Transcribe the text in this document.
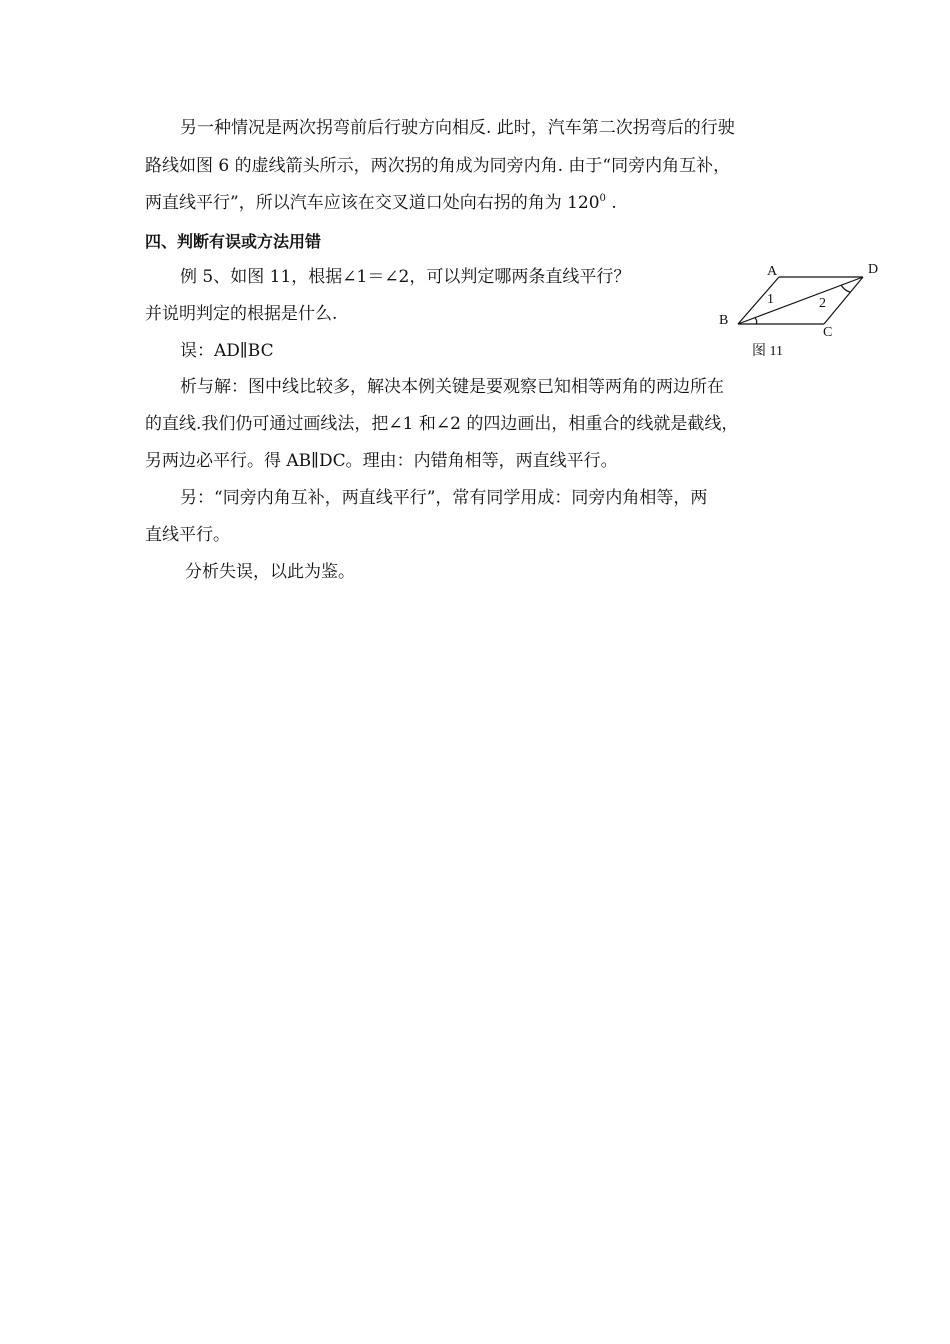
另一种情况是两次拐弯前后行驶方向相反. 此时，汽车第二次拐弯后的行驶
路线如图 6 的虚线箭头所示，两次拐的角成为同旁内角. 由于“同旁内角互补，
两直线平行”，所以汽车应该在交叉道口处向右拐的角为 $120^0$ .
四、判断有误或方法用错
例 5、如图 11，根据∠1＝∠2，可以判定哪两条直线平行？
并说明判定的根据是什么.
误：AD∥BC
析与解：图中线比较多，解决本例关键是要观察已知相等两角的两边所在
的直线.我们仍可通过画线法，把∠1 和∠2 的四边画出，相重合的线就是截线，
另两边必平行。得 AB∥DC。理由：内错角相等，两直线平行。
另：“同旁内角互补，两直线平行”，常有同学用成：同旁内角相等，两
直线平行。
分析失误，以此为鉴。
A	D
B
C
1	2
图 11
